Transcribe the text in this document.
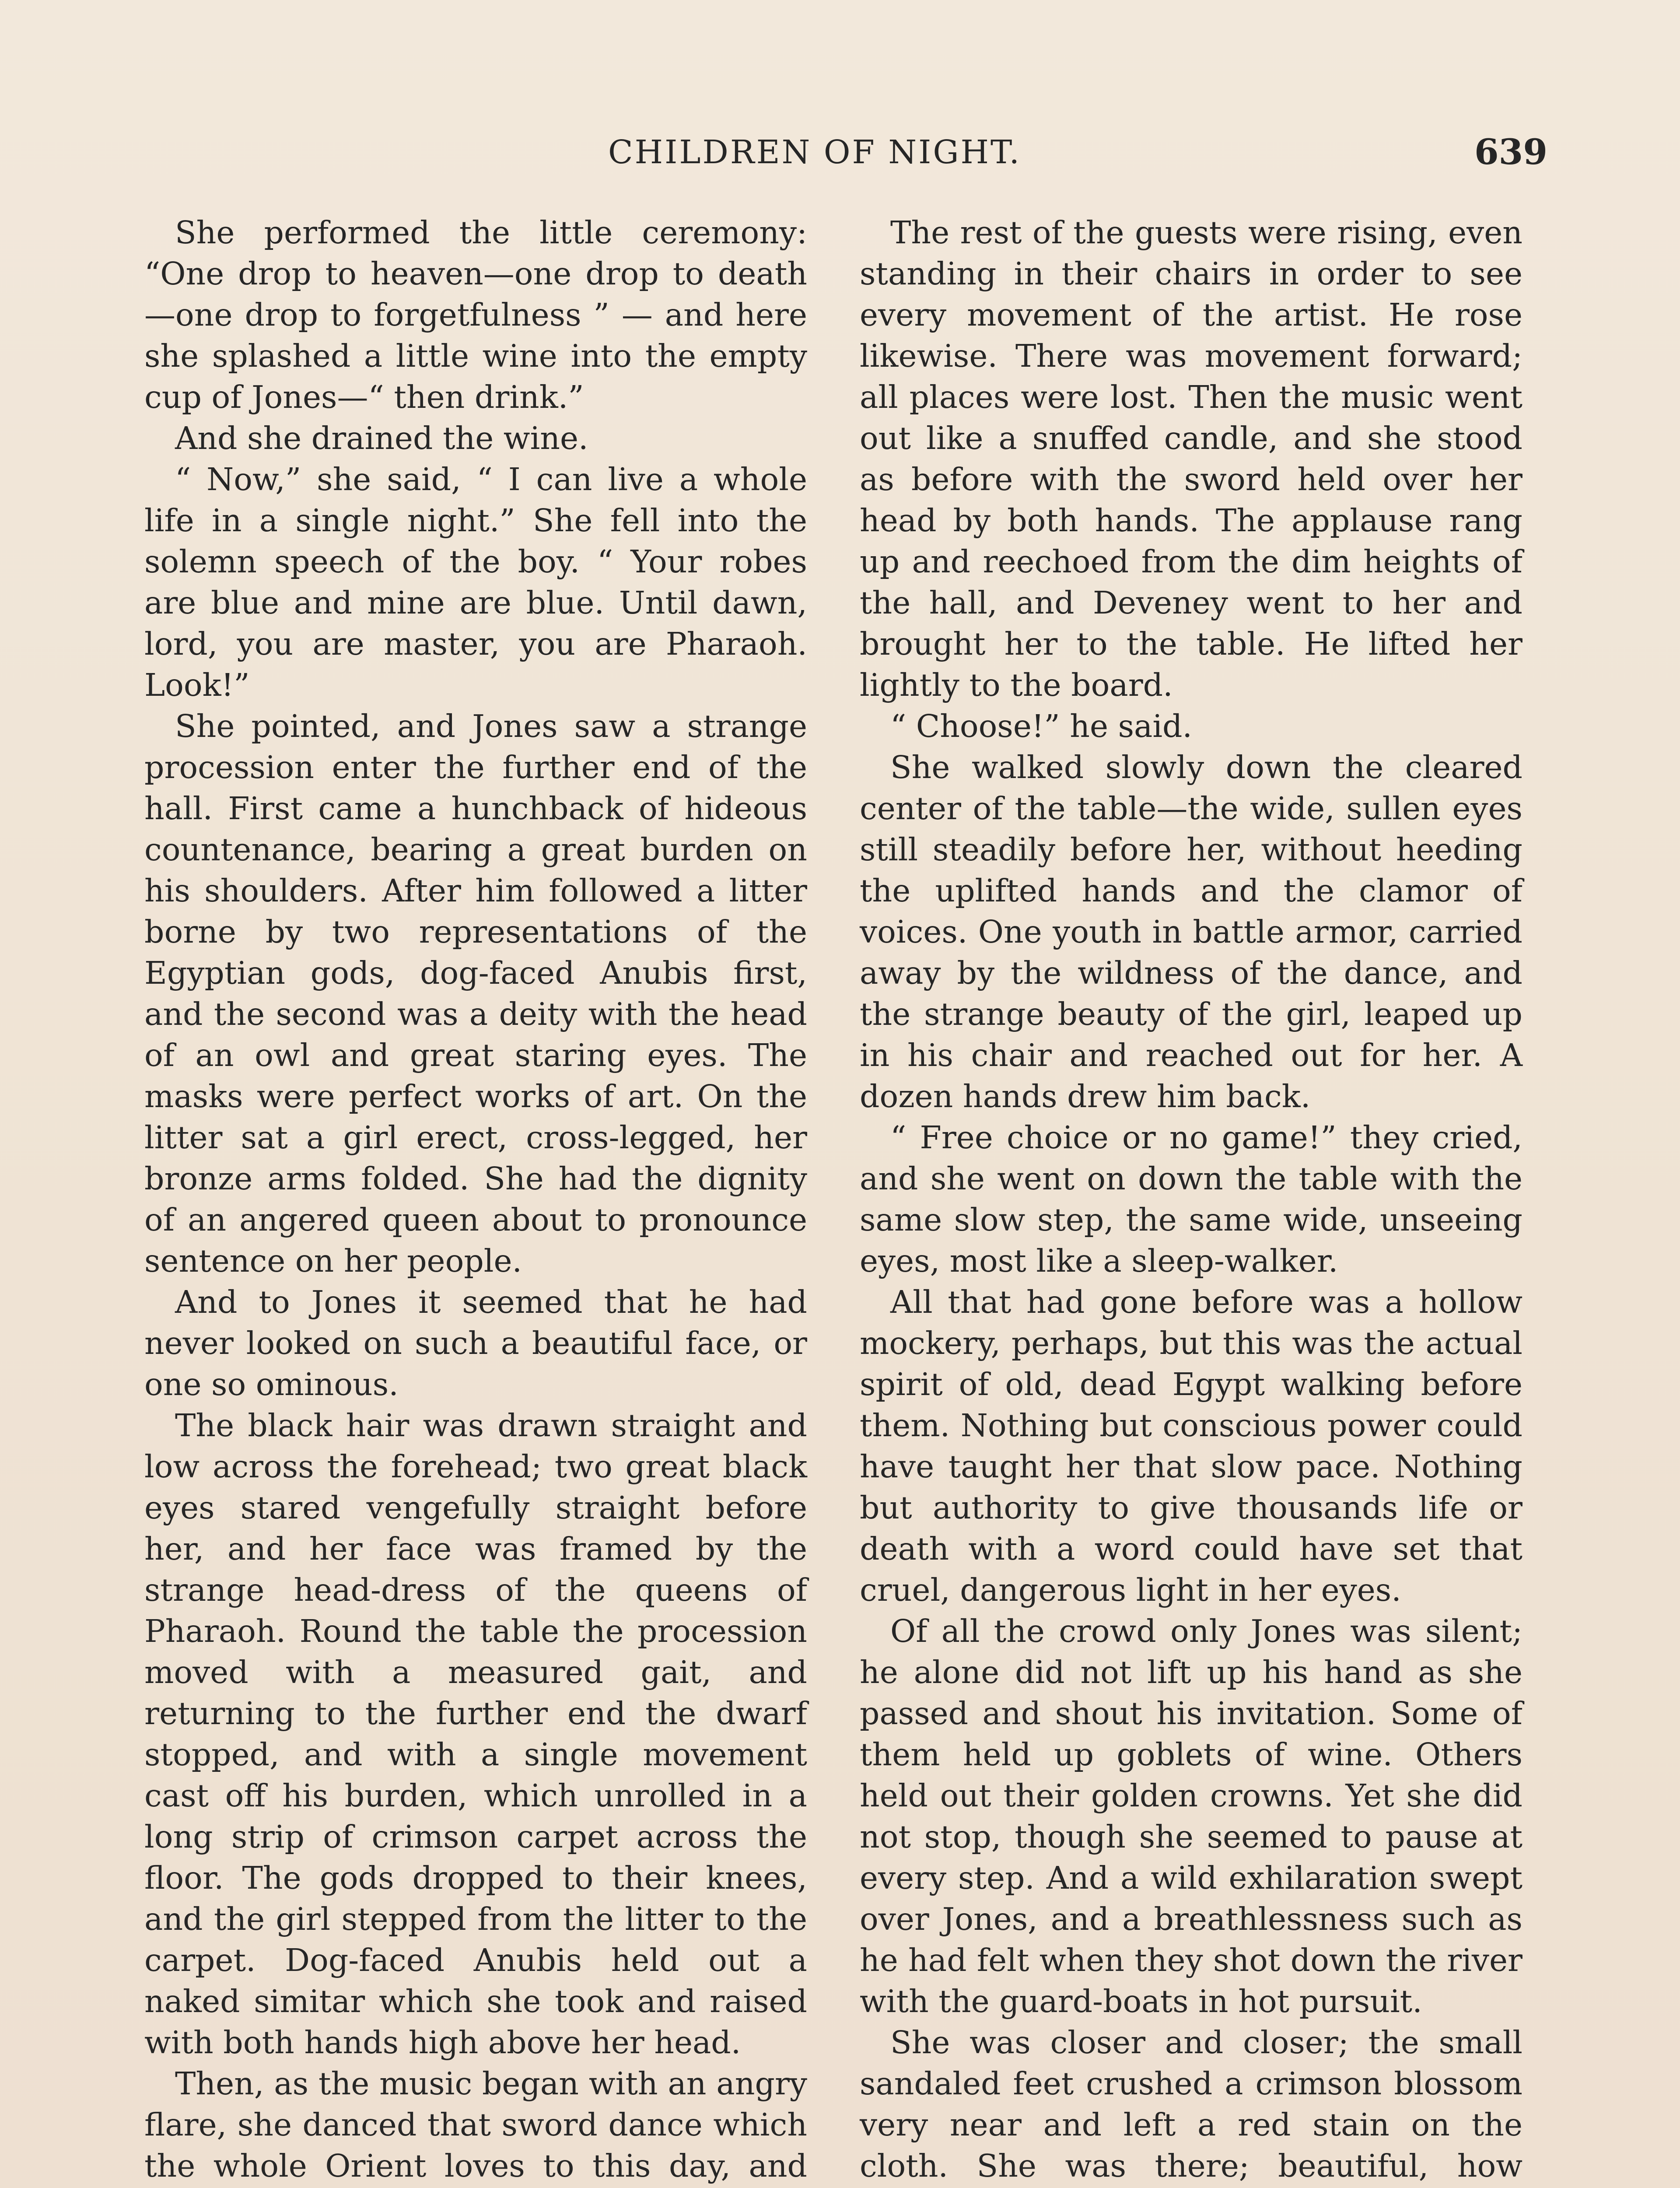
CHILDREN OF NIGHT.	639

She performed the little ceremony: “One drop to heaven—one drop to death—one drop to forgetfulness ” — and here she splashed a little wine into the empty cup of Jones—“ then drink.”

And she drained the wine.

“ Now,” she said, “ I can live a whole life in a single night.” She fell into the solemn speech of the boy. “ Your robes are blue and mine are blue. Until dawn, lord, you are master, you are Pharaoh. Look!”

She pointed, and Jones saw a strange procession enter the further end of the hall. First came a hunchback of hideous countenance, bearing a great burden on his shoulders. After him followed a litter borne by two representations of the Egyptian gods, dog-faced Anubis first, and the second was a deity with the head of an owl and great staring eyes. The masks were perfect works of art. On the litter sat a girl erect, cross-legged, her bronze arms folded. She had the dignity of an angered queen about to pronounce sentence on her people.

And to Jones it seemed that he had never looked on such a beautiful face, or one so ominous.

The black hair was drawn straight and low across the forehead; two great black eyes stared vengefully straight before her, and her face was framed by the strange head-dress of the queens of Pharaoh. Round the table the procession moved with a measured gait, and returning to the further end the dwarf stopped, and with a single movement cast off his burden, which unrolled in a long strip of crimson carpet across the floor. The gods dropped to their knees, and the girl stepped from the litter to the carpet. Dog-faced Anubis held out a naked simitar which she took and raised with both hands high above her head.

Then, as the music began with an angry flare, she danced that sword dance which the whole Orient loves to this day, and

The rest of the guests were rising, even standing in their chairs in order to see every movement of the artist. He rose likewise. There was movement forward; all places were lost. Then the music went out like a snuffed candle, and she stood as before with the sword held over her head by both hands. The applause rang up and reechoed from the dim heights of the hall, and Deveney went to her and brought her to the table. He lifted her lightly to the board.

“ Choose!” he said.

She walked slowly down the cleared center of the table—the wide, sullen eyes still steadily before her, without heeding the uplifted hands and the clamor of voices. One youth in battle armor, carried away by the wildness of the dance, and the strange beauty of the girl, leaped up in his chair and reached out for her. A dozen hands drew him back.

“ Free choice or no game!” they cried, and she went on down the table with the same slow step, the same wide, unseeing eyes, most like a sleep-walker.

All that had gone before was a hollow mockery, perhaps, but this was the actual spirit of old, dead Egypt walking before them. Nothing but conscious power could have taught her that slow pace. Nothing but authority to give thousands life or death with a word could have set that cruel, dangerous light in her eyes.

Of all the crowd only Jones was silent; he alone did not lift up his hand as she passed and shout his invitation. Some of them held up goblets of wine. Others held out their golden crowns. Yet she did not stop, though she seemed to pause at every step. And a wild exhilaration swept over Jones, and a breathlessness such as he had felt when they shot down the river with the guard-boats in hot pursuit.

She was closer and closer; the small sandaled feet crushed a crimson blossom very near and left a red stain on the cloth. She was there; beautiful, how
